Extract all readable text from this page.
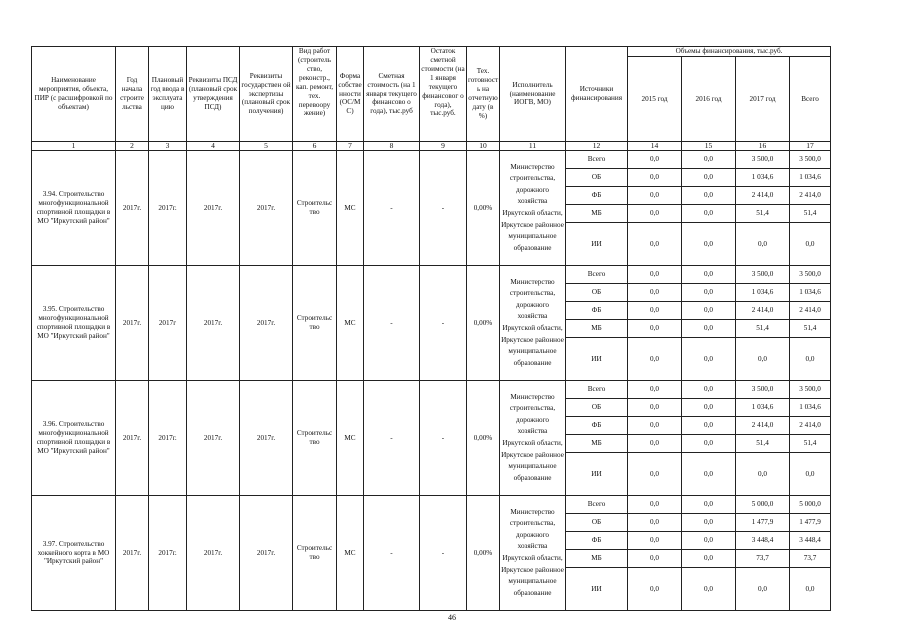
Наименование мероприятия, объекта, ПИР (с расшифровкой по объектам)	Год начала строите льства	Плановый год ввода в эксплуата цию	Реквизиты ПСД (плановый срок утверждения ПСД)	Реквизиты государствен ой экспертизы (плановый срок получения)	Вид работ (строитель ство, реконстр., кап. ремонт, тех. перевоору жение)	Форма собстве нности (ОС/М С)	Сметная стоимость (на 1 января текущего финансово о года), тыс.руб	Остаток сметной стоимости (на 1 января текущего финансовог о года), тыс.руб.	Тех. готовност ь на отчетную дату (в %)	Исполнитель (наименование ИОГВ, МО)	Источники финансирования	Объемы финансирования, тыс.руб.			
												2015 год	2016 год	2017 год	Всего
1	2	3	4	5	6	7	8	9	10	11	12	14	15	16	17
3.94. Строительство многофункциональной спортивной площадки в МО "Иркутский район"	2017г.	2017г.	2017г.	2017г.	Строительс тво	МС	-	-	0,00%	Министерство строительства, дорожного хозяйства Иркутской области, Иркутское районное муниципальное образование	Всего	0,0	0,0	3 500,0	3 500,0
											ОБ	0,0	0,0	1 034,6	1 034,6
											ФБ	0,0	0,0	2 414,0	2 414,0
											МБ	0,0	0,0	51,4	51,4
											ИИ	0,0	0,0	0,0	0,0
3.95. Строительство многофункциональной спортивной площадки в МО "Иркутский район"	2017г.	2017г	2017г.	2017г.	Строительс тво	МС	-	-	0,00%	Министерство строительства, дорожного хозяйства Иркутской области, Иркутское районное муниципальное образование	Всего	0,0	0,0	3 500,0	3 500,0
											ОБ	0,0	0,0	1 034,6	1 034,6
											ФБ	0,0	0,0	2 414,0	2 414,0
											МБ	0,0	0,0	51,4	51,4
											ИИ	0,0	0,0	0,0	0,0
3.96. Строительство многофункциональной спортивной площадки в МО "Иркутский район"	2017г.	2017г.	2017г.	2017г.	Строительс тво	МС	-	-	0,00%	Министерство строительства, дорожного хозяйства Иркутской области, Иркутское районное муниципальное образование	Всего	0,0	0,0	3 500,0	3 500,0
											ОБ	0,0	0,0	1 034,6	1 034,6
											ФБ	0,0	0,0	2 414,0	2 414,0
											МБ	0,0	0,0	51,4	51,4
											ИИ	0,0	0,0	0,0	0,0
3.97. Строительство хоккейного корта в МО "Иркутский район"	2017г.	2017г.	2017г.	2017г.	Строительс тво	МС	-	-	0,00%	Министерство строительства, дорожного хозяйства Иркутской области, Иркутское районное муниципальное образование	Всего	0,0	0,0	5 000,0	5 000,0
											ОБ	0,0	0,0	1 477,9	1 477,9
											ФБ	0,0	0,0	3 448,4	3 448,4
											МБ	0,0	0,0	73,7	73,7
											ИИ	0,0	0,0	0,0	0,0
46
